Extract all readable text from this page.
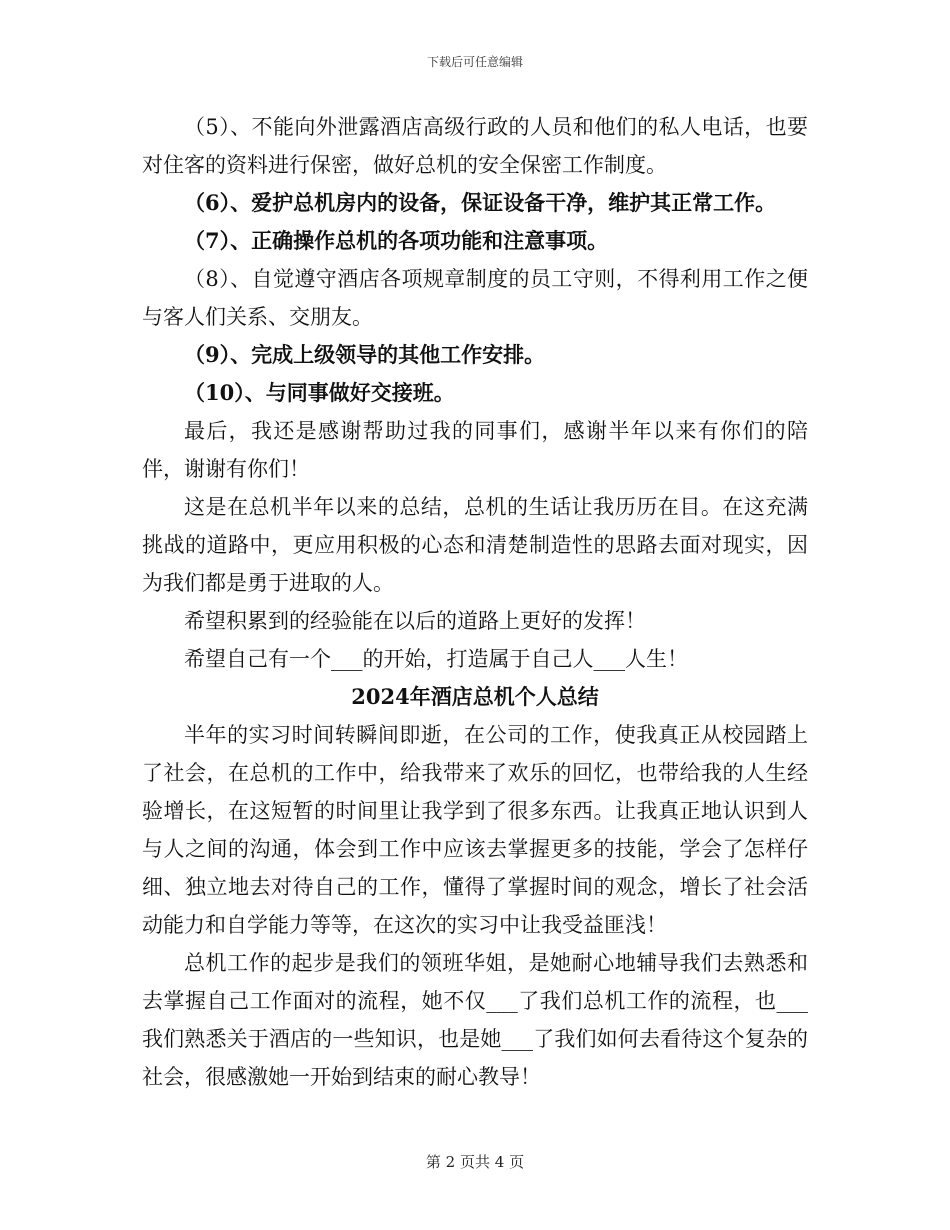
下载后可任意编辑

（5）、不能向外泄露酒店高级行政的人员和他们的私人电话，也要对住客的资料进行保密，做好总机的安全保密工作制度。

（6）、爱护总机房内的设备，保证设备干净，维护其正常工作。

（7）、正确操作总机的各项功能和注意事项。

（8）、自觉遵守酒店各项规章制度的员工守则，不得利用工作之便与客人们关系、交朋友。

（9）、完成上级领导的其他工作安排。

（10）、与同事做好交接班。

最后，我还是感谢帮助过我的同事们，感谢半年以来有你们的陪伴，谢谢有你们！

这是在总机半年以来的总结，总机的生话让我历历在目。在这充满挑战的道路中，更应用积极的心态和清楚制造性的思路去面对现实，因为我们都是勇于进取的人。

希望积累到的经验能在以后的道路上更好的发挥！

希望自己有一个___的开始，打造属于自己人___人生！

2024年酒店总机个人总结

半年的实习时间转瞬间即逝，在公司的工作，使我真正从校园踏上了社会，在总机的工作中，给我带来了欢乐的回忆，也带给我的人生经验增长，在这短暂的时间里让我学到了很多东西。让我真正地认识到人与人之间的沟通，体会到工作中应该去掌握更多的技能，学会了怎样仔细、独立地去对待自己的工作，懂得了掌握时间的观念，增长了社会活动能力和自学能力等等，在这次的实习中让我受益匪浅！

总机工作的起步是我们的领班华姐，是她耐心地辅导我们去熟悉和去掌握自己工作面对的流程，她不仅___了我们总机工作的流程，也___我们熟悉关于酒店的一些知识，也是她___了我们如何去看待这个复杂的社会，很感激她一开始到结束的耐心教导！

第 2 页共 4 页
